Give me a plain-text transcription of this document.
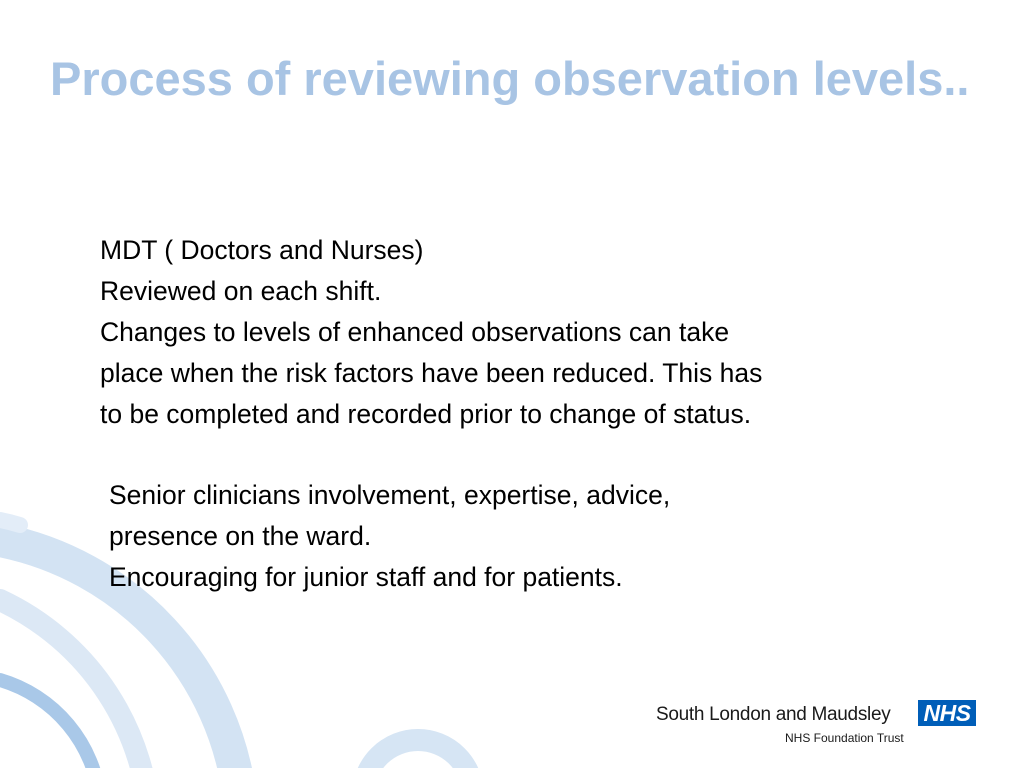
Process of reviewing observation levels..
MDT ( Doctors and Nurses)
Reviewed on each shift.
Changes to levels of enhanced observations can take
place when the risk factors have been reduced. This has
to be completed and recorded prior to change of status.
Senior clinicians involvement, expertise, advice,
presence on the ward.
Encouraging for junior staff and for patients.
South London and Maudsley NHS
NHS Foundation Trust
